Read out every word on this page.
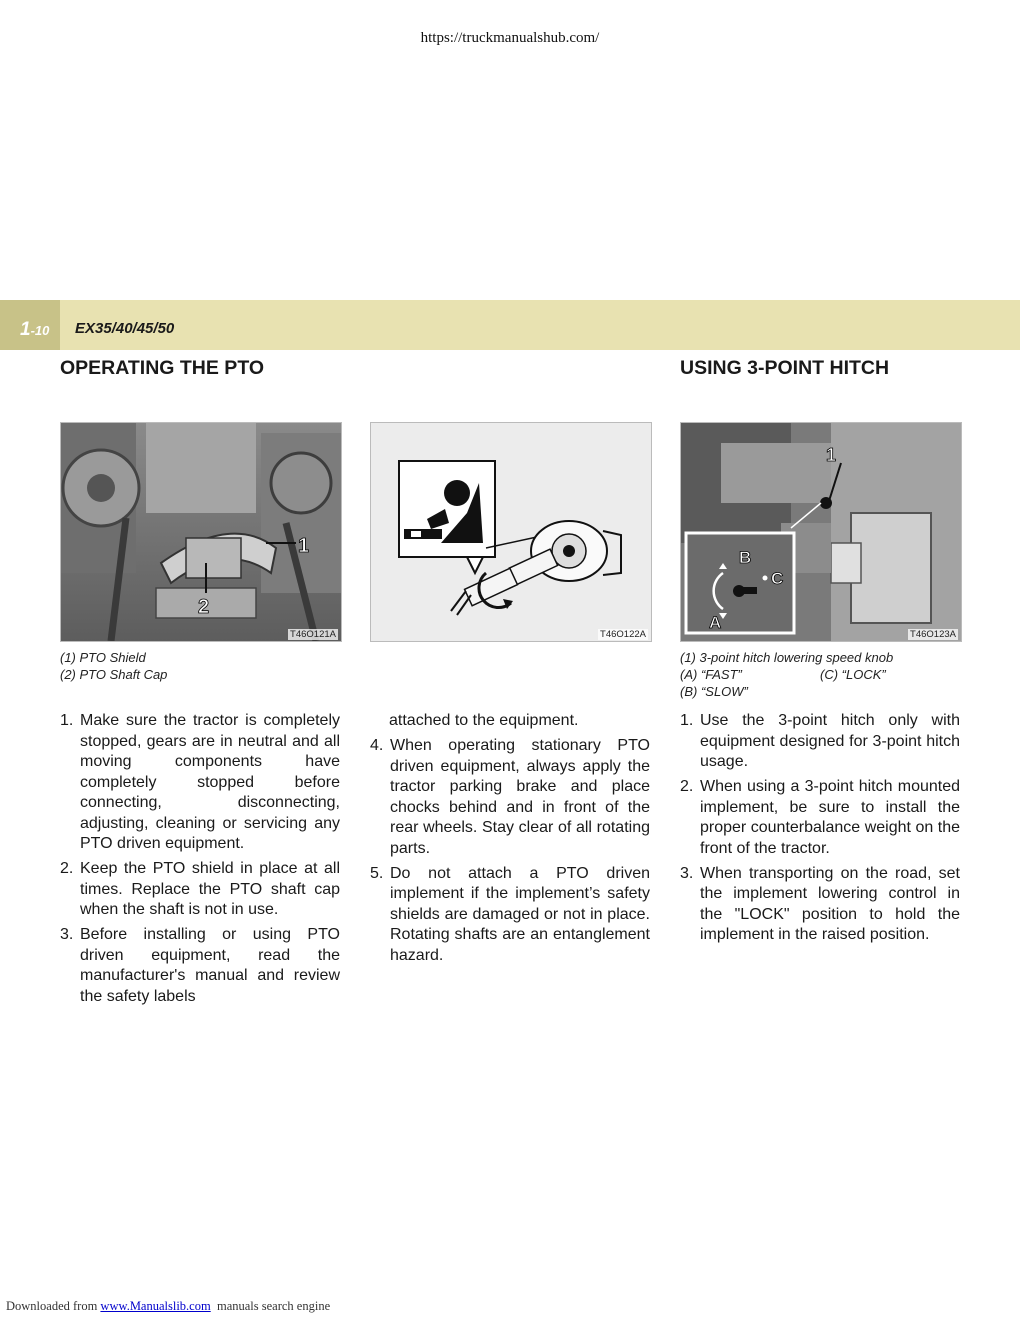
https://truckmanualshub.com/
1-10 EX35/40/45/50
OPERATING THE PTO	USING 3-POINT HITCH
1
2
T46O121A	T46O122A
1
B
C
A
T46O123A
(1) PTO Shield
(2) PTO Shaft Cap
(1) 3-point hitch lowering speed knob
(A) “FAST”	(C) “LOCK”
(B) “SLOW”
1. Make sure the tractor is completely stopped, gears are in neutral and all moving components have completely stopped before connecting, disconnecting, adjusting, cleaning or servicing any PTO driven equipment.
2. Keep the PTO shield in place at all times. Replace the PTO shaft cap when the shaft is not in use.
3. Before installing or using PTO driven equipment, read the manufacturer's manual and review the safety labels
attached to the equipment.
4. When operating stationary PTO driven equipment, always apply the tractor parking brake and place chocks behind and in front of the rear wheels. Stay clear of all rotating parts.
5. Do not attach a PTO driven implement if the implement’s safety shields are damaged or not in place. Rotating shafts are an entanglement hazard.
1. Use the 3-point hitch only with equipment designed for 3-point hitch usage.
2. When using a 3-point hitch mounted implement, be sure to install the proper counterbalance weight on the front of the tractor.
3. When transporting on the road, set the implement lowering control in the "LOCK" position to hold the implement in the raised position.
Downloaded from www.Manualslib.com  manuals search engine
